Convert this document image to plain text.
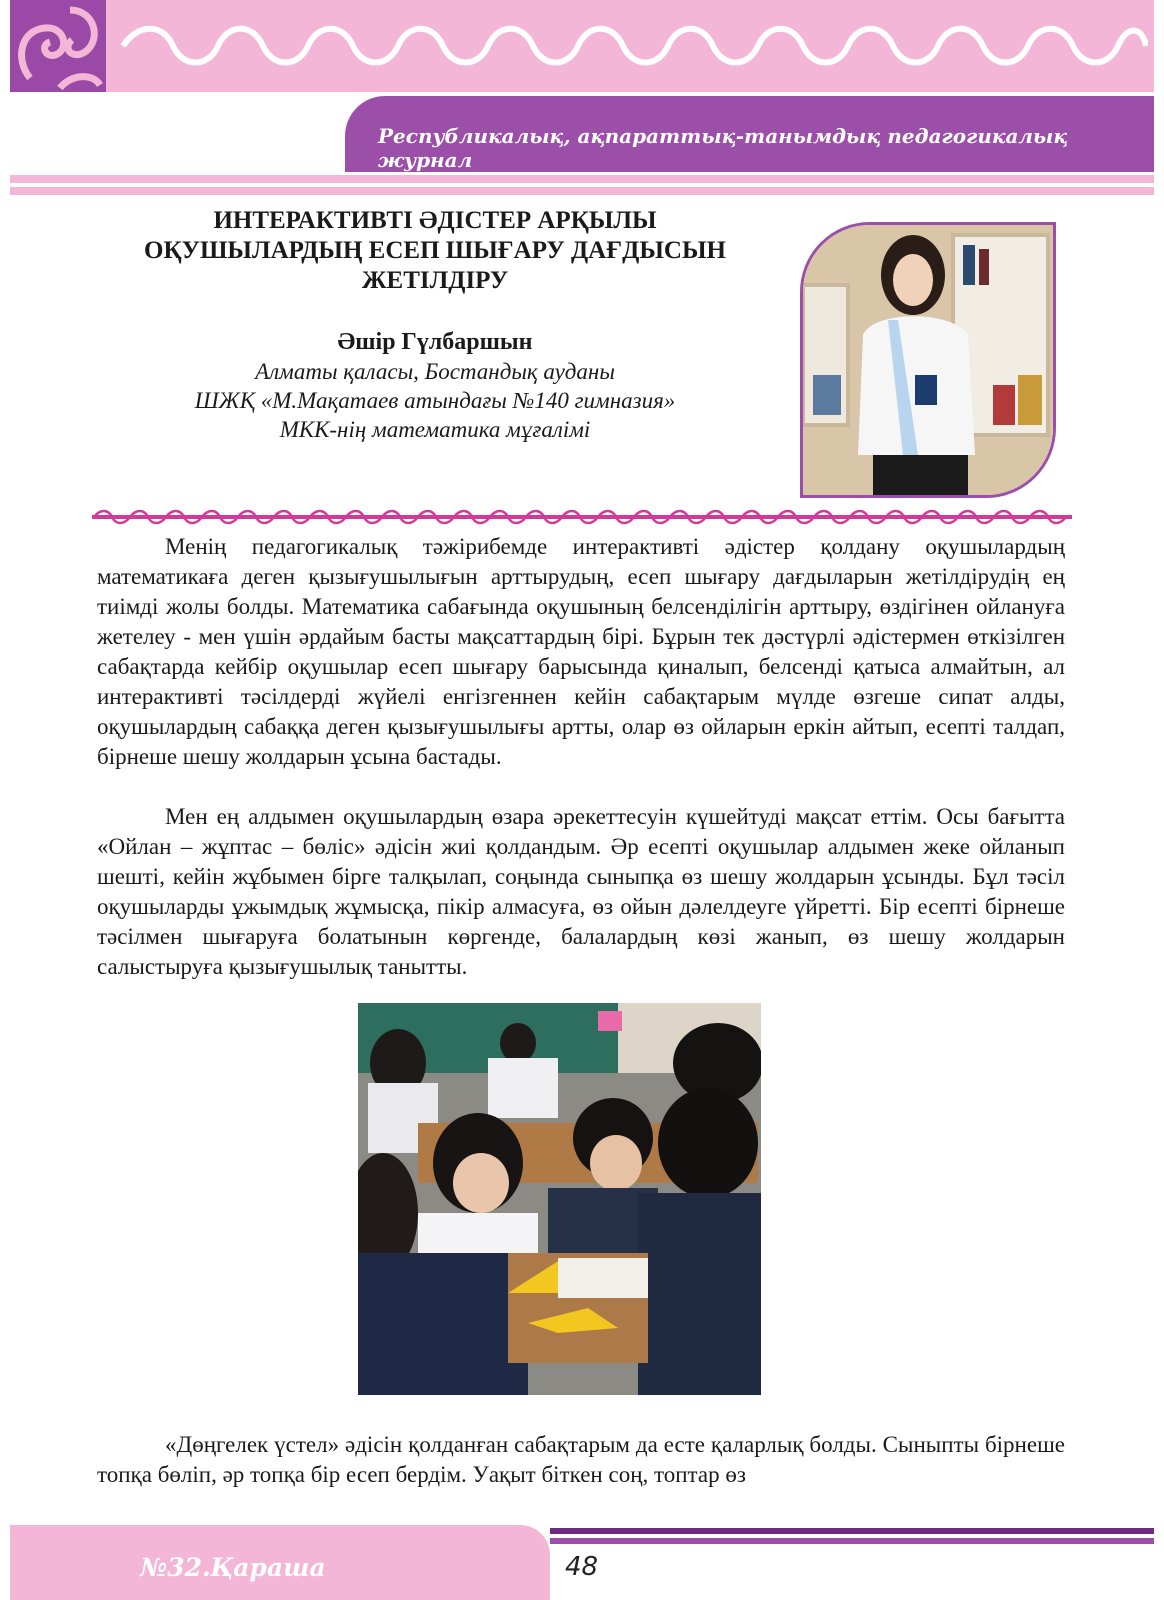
Республикалық, ақпараттық-танымдық педагогикалық журнал
ИНТЕРАКТИВТІ ӘДІСТЕР АРҚЫЛЫ
ОҚУШЫЛАРДЫҢ ЕСЕП ШЫҒАРУ ДАҒДЫСЫН
ЖЕТІЛДІРУ
Әшір Гүлбаршын
Алматы қаласы, Бостандық ауданы
ШЖҚ «М.Мақатаев атындағы №140 гимназия»
МКК-нің математика мұғалімі

Менің педагогикалық тәжірибемде интерактивті әдістер қолдану оқушылардың математикаға деген қызығушылығын арттырудың, есеп шығару дағдыларын жетілдірудің ең тиімді жолы болды. Математика сабағында оқушының белсенділігін арттыру, өздігінен ойлануға жетелеу - мен үшін әрдайым басты мақсаттардың бірі. Бұрын тек дәстүрлі әдістермен өткізілген сабақтарда кейбір оқушылар есеп шығару барысында қиналып, белсенді қатыса алмайтын, ал интерактивті тәсілдерді жүйелі енгізгеннен кейін сабақтарым мүлде өзгеше сипат алды, оқушылардың сабаққа деген қызығушылығы артты, олар өз ойларын еркін айтып, есепті талдап, бірнеше шешу жолдарын ұсына бастады.

Мен ең алдымен оқушылардың өзара әрекеттесуін күшейтуді мақсат еттім. Осы бағытта «Ойлан – жұптас – бөліс» әдісін жиі қолдандым. Әр есепті оқушылар алдымен жеке ойланып шешті, кейін жұбымен бірге талқылап, соңында сыныпқа өз шешу жолдарын ұсынды. Бұл тәсіл оқушыларды ұжымдық жұмысқа, пікір алмасуға, өз ойын дәлелдеуге үйретті. Бір есепті бірнеше тәсілмен шығаруға болатынын көргенде, балалардың көзі жанып, өз шешу жолдарын салыстыруға қызығушылық танытты.

«Дөңгелек үстел» әдісін қолданған сабақтарым да есте қаларлық болды. Сыныпты бірнеше топқа бөліп, әр топқа бір есеп бердім. Уақыт біткен соң, топтар өз

№32.Қараша	48
